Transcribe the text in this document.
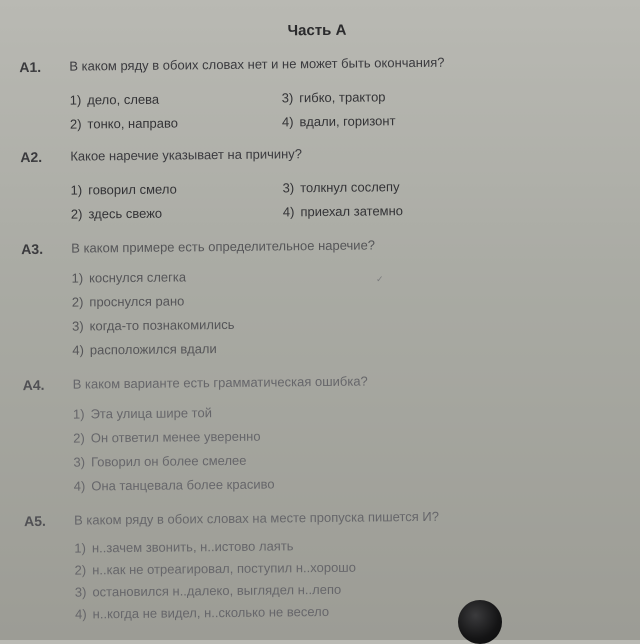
Часть А
А1. В каком ряду в обоих словах нет и не может быть окончания?
1) дело, слева
2) тонко, направо
3) гибко, трактор
4) вдали, горизонт
А2. Какое наречие указывает на причину?
1) говорил смело
2) здесь свежо
3) толкнул сослепу
4) приехал затемно
А3. В каком примере есть определительное наречие?
1) коснулся слегка
2) проснулся рано
3) когда-то познакомились
4) расположился вдали
А4. В каком варианте есть грамматическая ошибка?
1) Эта улица шире той
2) Он ответил менее уверенно
3) Говорил он более смелее
4) Она танцевала более красиво
А5. В каком ряду в обоих словах на месте пропуска пишется И?
1) н..зачем звонить, н..истово лаять
2) н..как не отреагировал, поступил н..хорошо
3) остановился н..далеко, выглядел н..лепо
4) н..когда не видел, н..сколько не весело
✓
